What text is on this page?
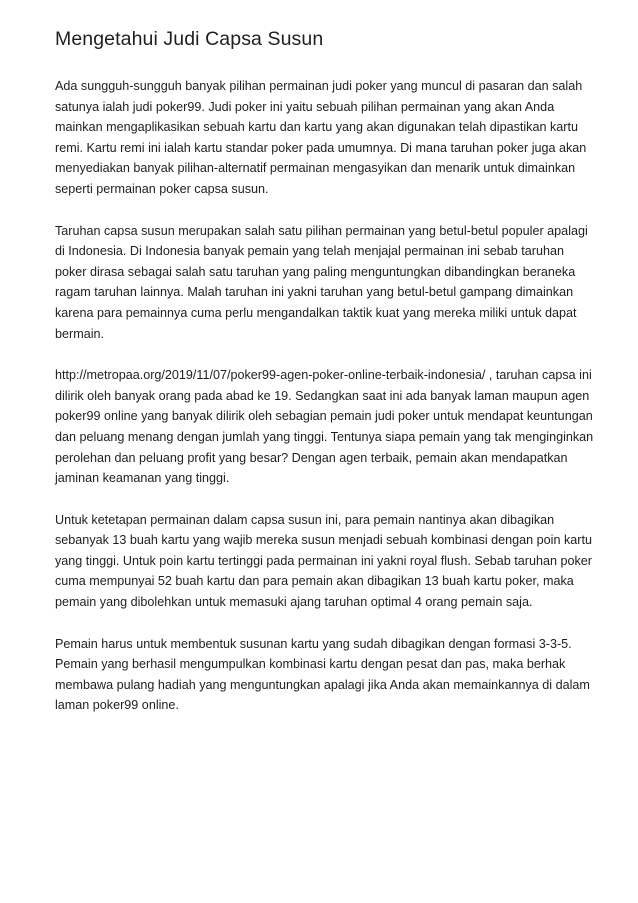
Mengetahui Judi Capsa Susun

Ada sungguh-sungguh banyak pilihan permainan judi poker yang muncul di pasaran dan salah satunya ialah judi poker99. Judi poker ini yaitu sebuah pilihan permainan yang akan Anda mainkan mengaplikasikan sebuah kartu dan kartu yang akan digunakan telah dipastikan kartu remi. Kartu remi ini ialah kartu standar poker pada umumnya. Di mana taruhan poker juga akan menyediakan banyak pilihan-alternatif permainan mengasyikan dan menarik untuk dimainkan seperti permainan poker capsa susun.

Taruhan capsa susun merupakan salah satu pilihan permainan yang betul-betul populer apalagi di Indonesia. Di Indonesia banyak pemain yang telah menjajal permainan ini sebab taruhan poker dirasa sebagai salah satu taruhan yang paling menguntungkan dibandingkan beraneka ragam taruhan lainnya. Malah taruhan ini yakni taruhan yang betul-betul gampang dimainkan karena para pemainnya cuma perlu mengandalkan taktik kuat yang mereka miliki untuk dapat bermain.

http://metropaa.org/2019/11/07/poker99-agen-poker-online-terbaik-indonesia/ , taruhan capsa ini dilirik oleh banyak orang pada abad ke 19. Sedangkan saat ini ada banyak laman maupun agen poker99 online yang banyak dilirik oleh sebagian pemain judi poker untuk mendapat keuntungan dan peluang menang dengan jumlah yang tinggi. Tentunya siapa pemain yang tak menginginkan perolehan dan peluang profit yang besar? Dengan agen terbaik, pemain akan mendapatkan jaminan keamanan yang tinggi.

Untuk ketetapan permainan dalam capsa susun ini, para pemain nantinya akan dibagikan sebanyak 13 buah kartu yang wajib mereka susun menjadi sebuah kombinasi dengan poin kartu yang tinggi. Untuk poin kartu tertinggi pada permainan ini yakni royal flush. Sebab taruhan poker cuma mempunyai 52 buah kartu dan para pemain akan dibagikan 13 buah kartu poker, maka pemain yang dibolehkan untuk memasuki ajang taruhan optimal 4 orang pemain saja.

Pemain harus untuk membentuk susunan kartu yang sudah dibagikan dengan formasi 3-3-5. Pemain yang berhasil mengumpulkan kombinasi kartu dengan pesat dan pas, maka berhak membawa pulang hadiah yang menguntungkan apalagi jika Anda akan memainkannya di dalam laman poker99 online.
